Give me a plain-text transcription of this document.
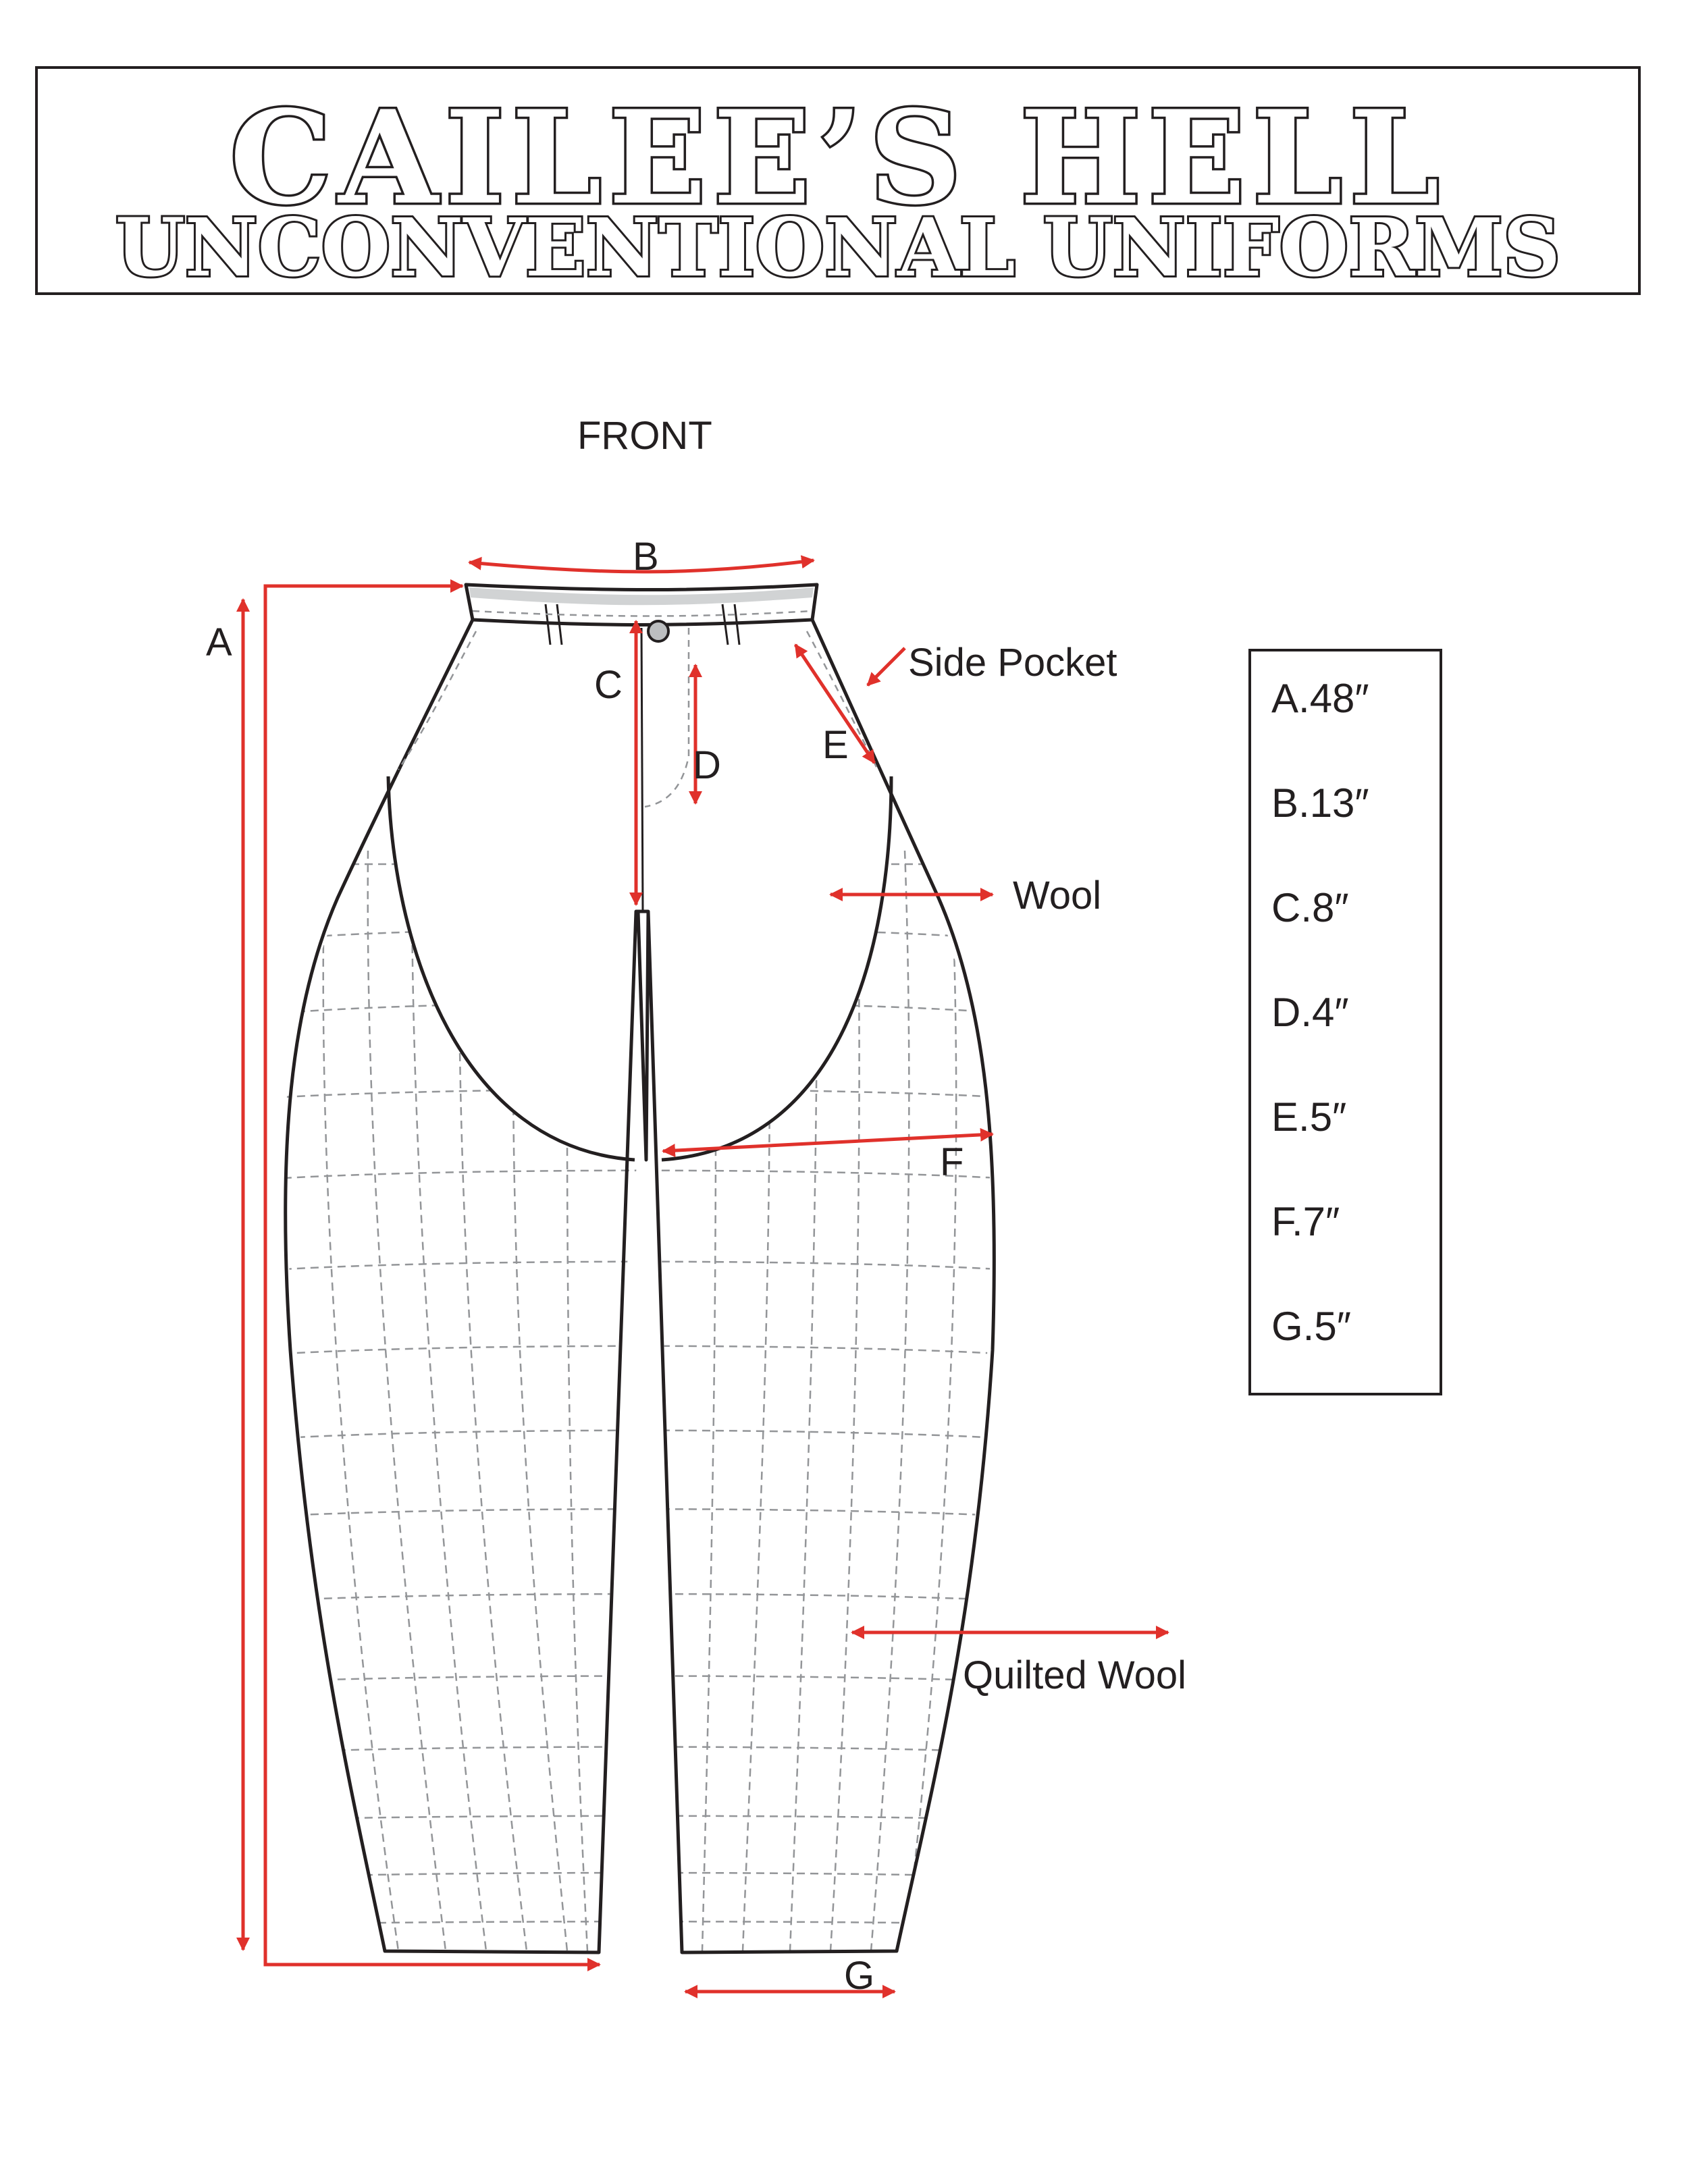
CAILEE’S HELL
UNCONVENTIONAL UNIFORMS
FRONT
A
B
C
D	E
F
G
Side Pocket
Wool
Quilted Wool
A.48″
B.13″
C.8″
D.4″
E.5″
F.7″
G.5″
